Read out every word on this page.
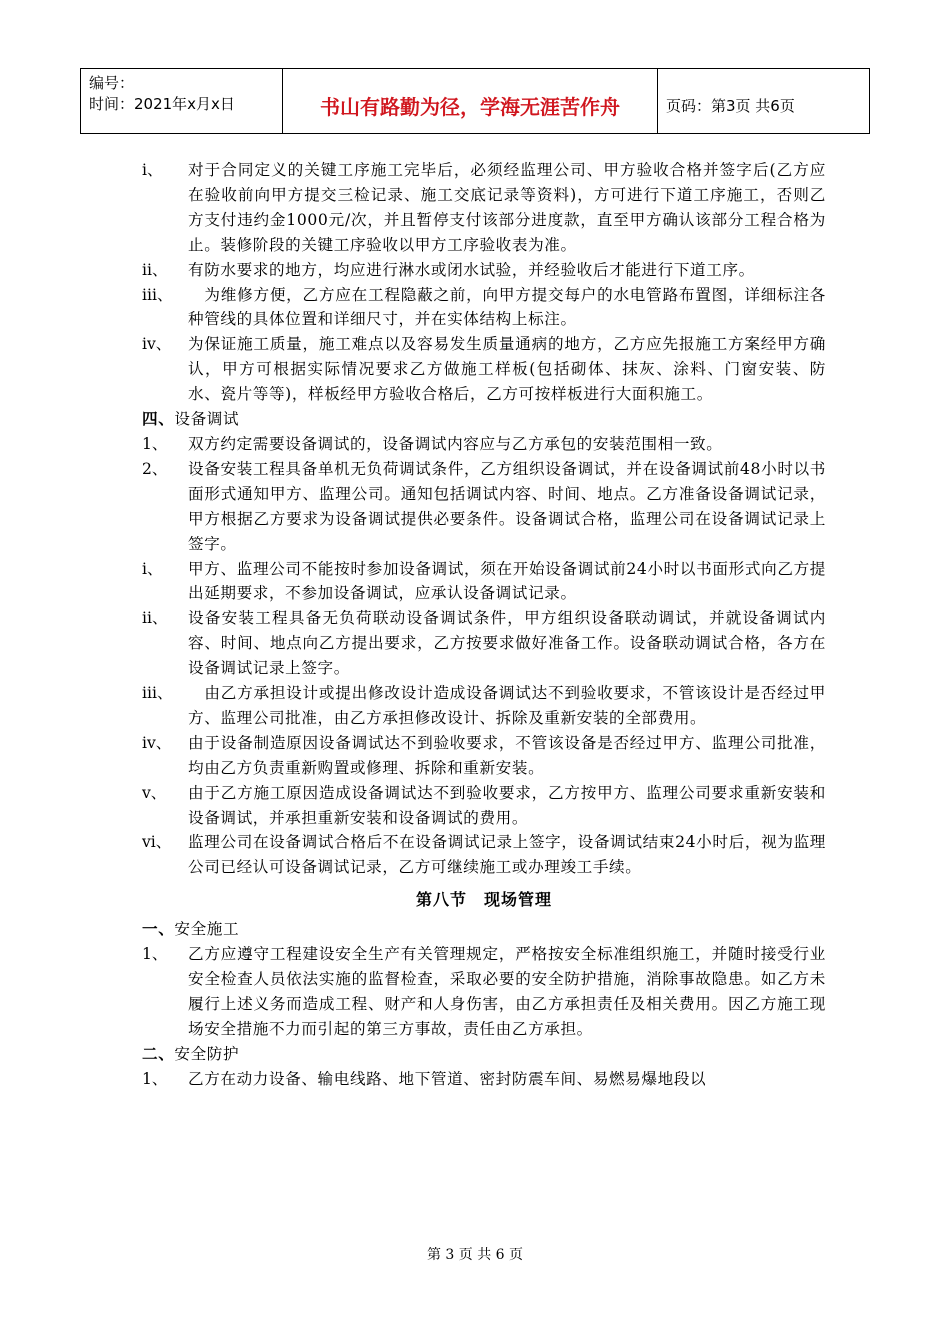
编号：
时间：2021年x月x日	书山有路勤为径，学海无涯苦作舟	页码：第3页 共6页
i、 对于合同定义的关键工序施工完毕后，必须经监理公司、甲方验收合格并签字后(乙方应在验收前向甲方提交三检记录、施工交底记录等资料)，方可进行下道工序施工，否则乙方支付违约金1000元/次，并且暂停支付该部分进度款，直至甲方确认该部分工程合格为止。装修阶段的关键工序验收以甲方工序验收表为准。
ii、 有防水要求的地方，均应进行淋水或闭水试验，并经验收后才能进行下道工序。
iii、 　为维修方便，乙方应在工程隐蔽之前，向甲方提交每户的水电管路布置图，详细标注各种管线的具体位置和详细尺寸，并在实体结构上标注。
iv、 为保证施工质量，施工难点以及容易发生质量通病的地方，乙方应先报施工方案经甲方确认，甲方可根据实际情况要求乙方做施工样板(包括砌体、抹灰、涂料、门窗安装、防水、瓷片等等)，样板经甲方验收合格后，乙方可按样板进行大面积施工。
四、设备调试
1、 双方约定需要设备调试的，设备调试内容应与乙方承包的安装范围相一致。
2、 设备安装工程具备单机无负荷调试条件，乙方组织设备调试，并在设备调试前48小时以书面形式通知甲方、监理公司。通知包括调试内容、时间、地点。乙方准备设备调试记录，甲方根据乙方要求为设备调试提供必要条件。设备调试合格，监理公司在设备调试记录上签字。
i、 甲方、监理公司不能按时参加设备调试，须在开始设备调试前24小时以书面形式向乙方提出延期要求，不参加设备调试，应承认设备调试记录。
ii、 设备安装工程具备无负荷联动设备调试条件，甲方组织设备联动调试，并就设备调试内容、时间、地点向乙方提出要求，乙方按要求做好准备工作。设备联动调试合格，各方在设备调试记录上签字。
iii、 　由乙方承担设计或提出修改设计造成设备调试达不到验收要求，不管该设计是否经过甲方、监理公司批准，由乙方承担修改设计、拆除及重新安装的全部费用。
iv、 由于设备制造原因设备调试达不到验收要求，不管该设备是否经过甲方、监理公司批准，均由乙方负责重新购置或修理、拆除和重新安装。
v、 由于乙方施工原因造成设备调试达不到验收要求，乙方按甲方、监理公司要求重新安装和设备调试，并承担重新安装和设备调试的费用。
vi、 监理公司在设备调试合格后不在设备调试记录上签字，设备调试结束24小时后，视为监理公司已经认可设备调试记录，乙方可继续施工或办理竣工手续。
第八节　现场管理
一、安全施工
1、 乙方应遵守工程建设安全生产有关管理规定，严格按安全标准组织施工，并随时接受行业安全检查人员依法实施的监督检查，采取必要的安全防护措施，消除事故隐患。如乙方未履行上述义务而造成工程、财产和人身伤害，由乙方承担责任及相关费用。因乙方施工现场安全措施不力而引起的第三方事故，责任由乙方承担。
二、安全防护
1、 乙方在动力设备、输电线路、地下管道、密封防震车间、易燃易爆地段以
第 3 页 共 6 页
